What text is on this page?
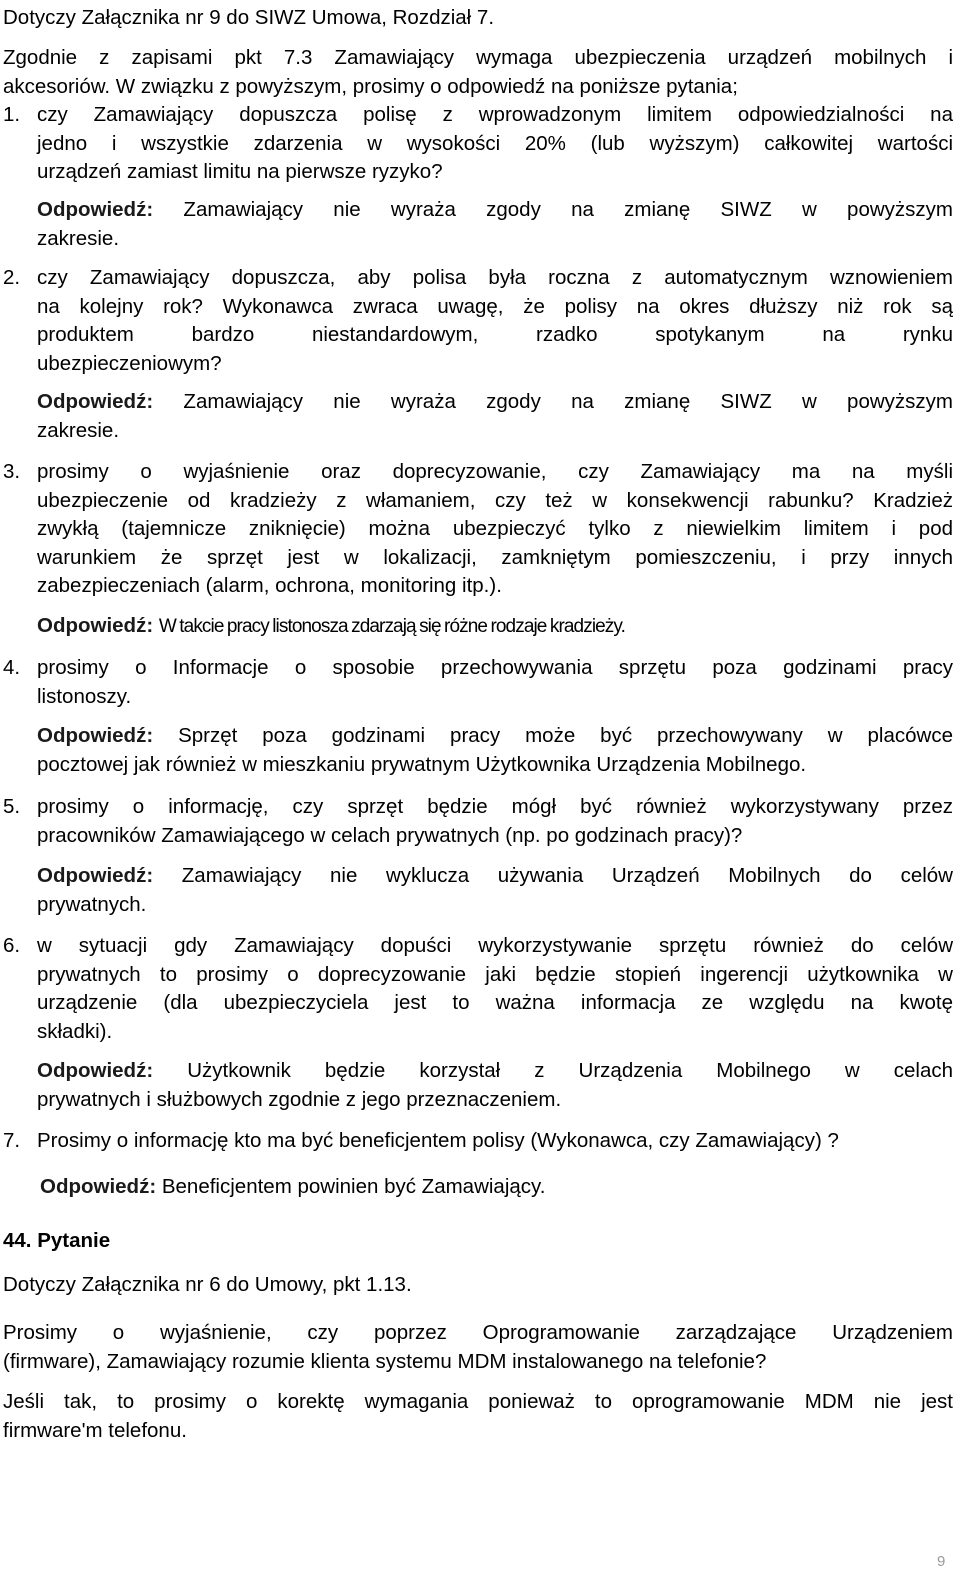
Dotyczy Załącznika nr 9 do SIWZ Umowa, Rozdział 7.

Zgodnie z zapisami pkt 7.3 Zamawiający wymaga ubezpieczenia urządzeń mobilnych i
akcesoriów. W związku z powyższym, prosimy o odpowiedź na poniższe pytania;

1. czy Zamawiający dopuszcza polisę z wprowadzonym limitem odpowiedzialności na
jedno i wszystkie zdarzenia w wysokości 20% (lub wyższym) całkowitej wartości
urządzeń zamiast limitu na pierwsze ryzyko?

Odpowiedź: Zamawiający nie wyraża zgody na zmianę SIWZ w powyższym
zakresie.

2. czy Zamawiający dopuszcza, aby polisa była roczna z automatycznym wznowieniem
na kolejny rok? Wykonawca zwraca uwagę, że polisy na okres dłuższy niż rok są
produktem bardzo niestandardowym, rzadko spotykanym na rynku
ubezpieczeniowym?

Odpowiedź: Zamawiający nie wyraża zgody na zmianę SIWZ w powyższym
zakresie.

3. prosimy o wyjaśnienie oraz doprecyzowanie, czy Zamawiający ma na myśli
ubezpieczenie od kradzieży z włamaniem, czy też w konsekwencji rabunku? Kradzież
zwykłą (tajemnicze zniknięcie) można ubezpieczyć tylko z niewielkim limitem i pod
warunkiem że sprzęt jest w lokalizacji, zamkniętym pomieszczeniu, i przy innych
zabezpieczeniach (alarm, ochrona, monitoring itp.).

Odpowiedź: W takcie pracy listonosza zdarzają się różne rodzaje kradzieży.

4. prosimy o Informacje o sposobie przechowywania sprzętu poza godzinami pracy
listonoszy.

Odpowiedź: Sprzęt poza godzinami pracy może być przechowywany w placówce
pocztowej jak również w mieszkaniu prywatnym Użytkownika Urządzenia Mobilnego.

5. prosimy o informację, czy sprzęt będzie mógł być również wykorzystywany przez
pracowników Zamawiającego w celach prywatnych (np. po godzinach pracy)?

Odpowiedź: Zamawiający nie wyklucza używania Urządzeń Mobilnych do celów
prywatnych.

6. w sytuacji gdy Zamawiający dopuści wykorzystywanie sprzętu również do celów
prywatnych to prosimy o doprecyzowanie jaki będzie stopień ingerencji użytkownika w
urządzenie (dla ubezpieczyciela jest to ważna informacja ze względu na kwotę
składki).

Odpowiedź: Użytkownik będzie korzystał z Urządzenia Mobilnego w celach
prywatnych i służbowych zgodnie z jego przeznaczeniem.

7. Prosimy o informację kto ma być beneficjentem polisy (Wykonawca, czy Zamawiający) ?

Odpowiedź: Beneficjentem powinien być Zamawiający.

44. Pytanie

Dotyczy Załącznika nr 6 do Umowy, pkt 1.13.

Prosimy o wyjaśnienie, czy poprzez Oprogramowanie zarządzające Urządzeniem
(firmware), Zamawiający rozumie klienta systemu MDM instalowanego na telefonie?

Jeśli tak, to prosimy o korektę wymagania ponieważ to oprogramowanie MDM nie jest
firmware'm telefonu.

9
